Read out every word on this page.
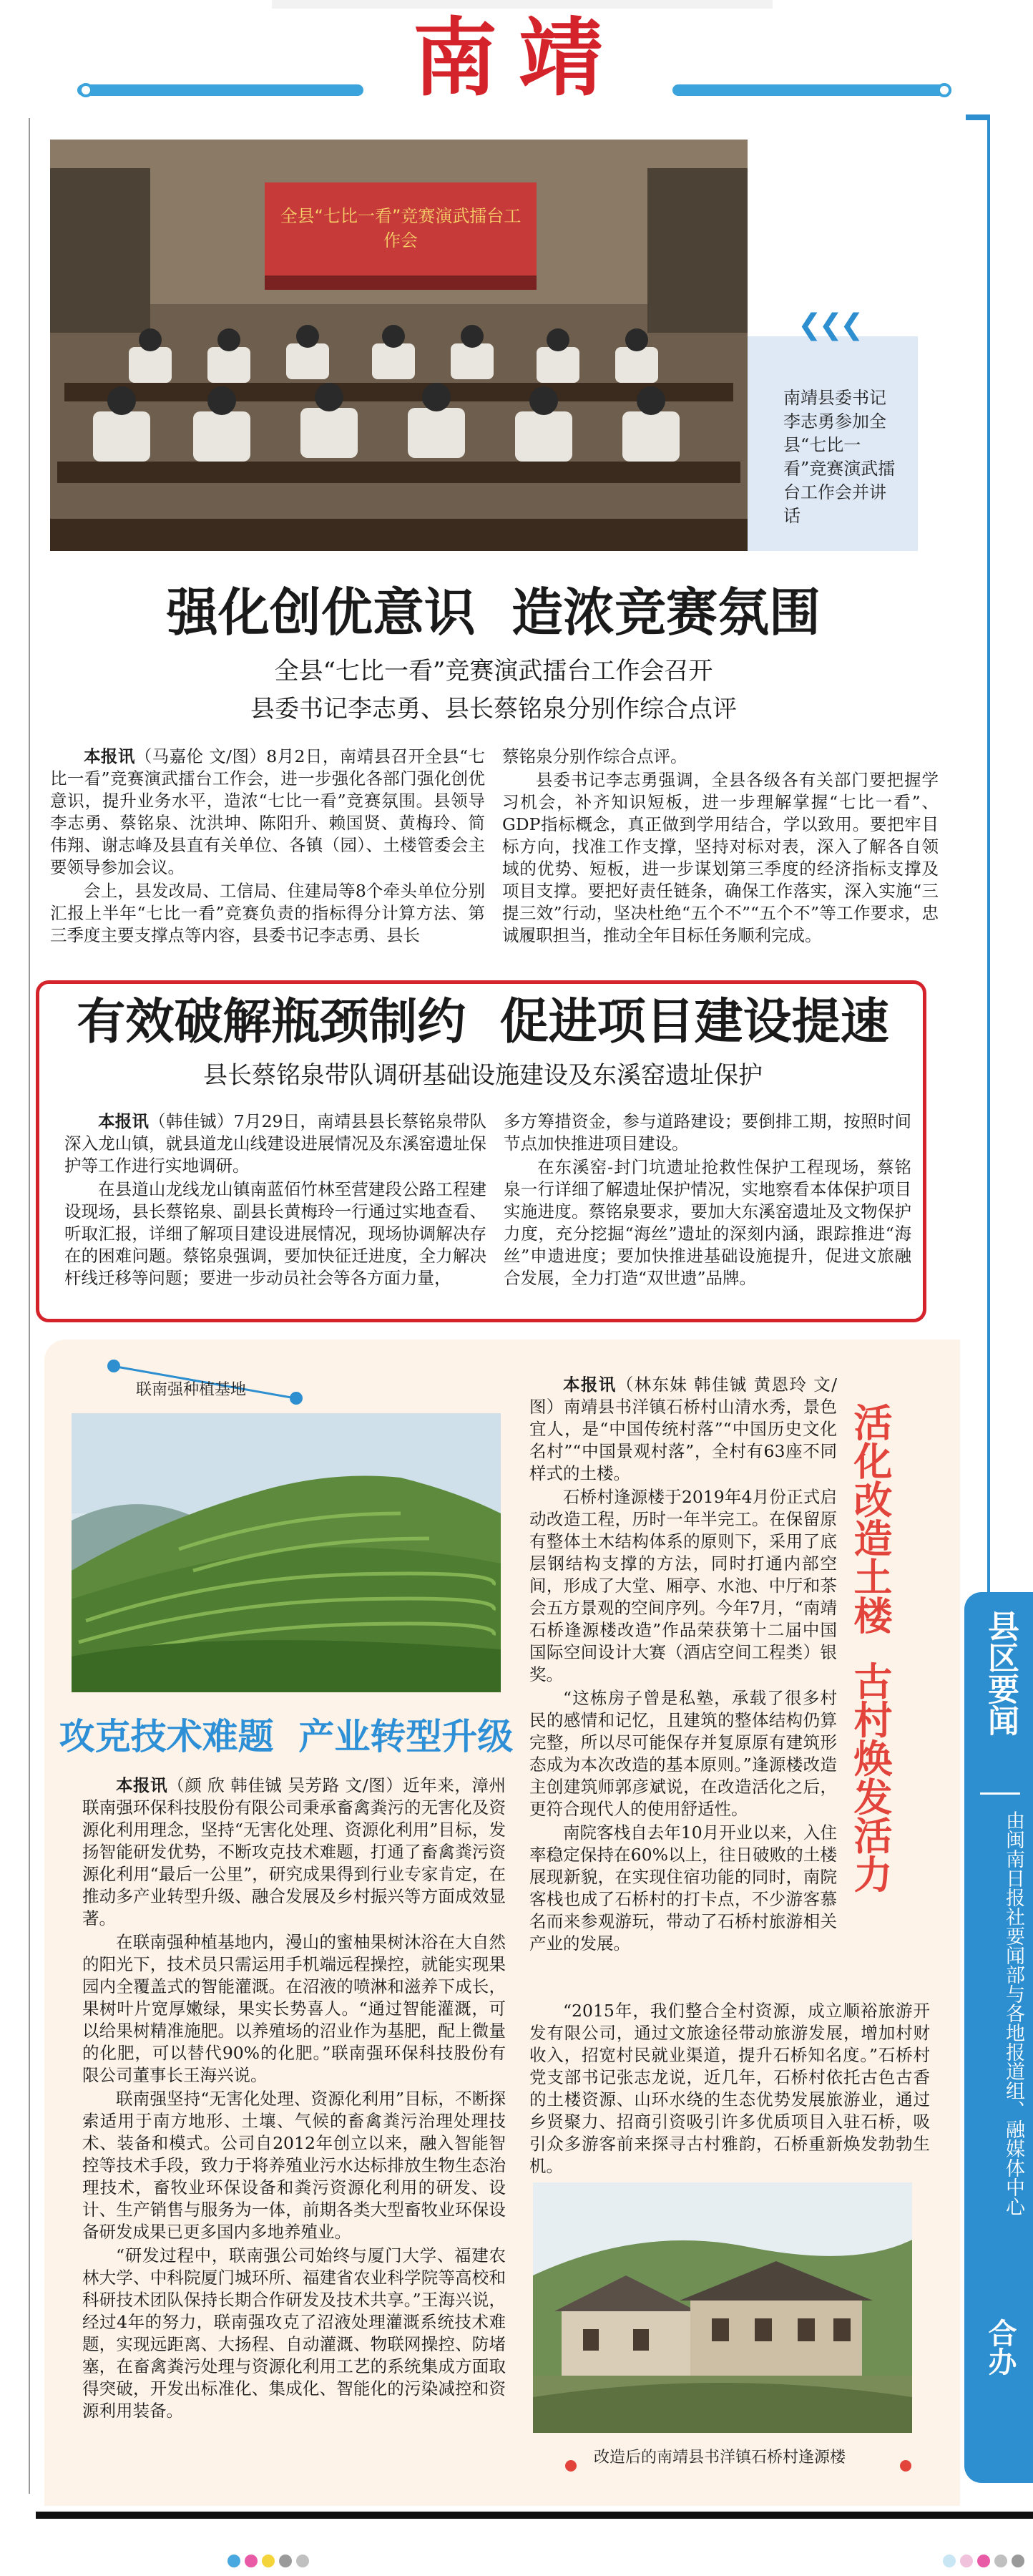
南靖
全县“七比一看”竞赛演武擂台工作会
❮❮❮
南靖县委书记李志勇参加全县“七比一看”竞赛演武擂台工作会并讲话
强化创优意识  造浓竞赛氛围
全县“七比一看”竞赛演武擂台工作会召开
县委书记李志勇、县长蔡铭泉分别作综合点评

本报讯（马嘉伦 文/图）8月2日，南靖县召开全县“七比一看”竞赛演武擂台工作会，进一步强化各部门强化创优意识，提升业务水平，造浓“七比一看”竞赛氛围。县领导李志勇、蔡铭泉、沈洪坤、陈阳升、赖国贤、黄梅玲、简伟翔、谢志峰及县直有关单位、各镇（园）、土楼管委会主要领导参加会议。

会上，县发改局、工信局、住建局等8个牵头单位分别汇报上半年“七比一看”竞赛负责的指标得分计算方法、第三季度主要支撑点等内容，县委书记李志勇、县长

蔡铭泉分别作综合点评。

县委书记李志勇强调，全县各级各有关部门要把握学习机会，补齐知识短板，进一步理解掌握“七比一看”、GDP指标概念，真正做到学用结合，学以致用。要把牢目标方向，找准工作支撑，坚持对标对表，深入了解各自领域的优势、短板，进一步谋划第三季度的经济指标支撑及项目支撑。要把好责任链条，确保工作落实，深入实施“三提三效”行动，坚决杜绝“五个不”“五个不”等工作要求，忠诚履职担当，推动全年目标任务顺利完成。

有效破解瓶颈制约  促进项目建设提速
县长蔡铭泉带队调研基础设施建设及东溪窑遗址保护

本报讯（韩佳铖）7月29日，南靖县县长蔡铭泉带队深入龙山镇，就县道龙山线建设进展情况及东溪窑遗址保护等工作进行实地调研。

在县道山龙线龙山镇南蓝佰竹林至营建段公路工程建设现场，县长蔡铭泉、副县长黄梅玲一行通过实地查看、听取汇报，详细了解项目建设进展情况，现场协调解决存在的困难问题。蔡铭泉强调，要加快征迁进度，全力解决杆线迁移等问题；要进一步动员社会等各方面力量，

多方筹措资金，参与道路建设；要倒排工期，按照时间节点加快推进项目建设。

在东溪窑-封门坑遗址抢救性保护工程现场，蔡铭泉一行详细了解遗址保护情况，实地察看本体保护项目实施进度。蔡铭泉要求，要加大东溪窑遗址及文物保护力度，充分挖掘“海丝”遗址的深刻内涵，跟踪推进“海丝”申遗进度；要加快推进基础设施提升，促进文旅融合发展，全力打造“双世遗”品牌。

联南强种植基地
攻克技术难题  产业转型升级

本报讯（颜 欣 韩佳铖 吴芳路 文/图）近年来，漳州联南强环保科技股份有限公司秉承畜禽粪污的无害化及资源化利用理念，坚持“无害化处理、资源化利用”目标，发扬智能研发优势，不断攻克技术难题，打通了畜禽粪污资源化利用“最后一公里”，研究成果得到行业专家肯定，在推动多产业转型升级、融合发展及乡村振兴等方面成效显著。

在联南强种植基地内，漫山的蜜柚果树沐浴在大自然的阳光下，技术员只需运用手机端远程操控，就能实现果园内全覆盖式的智能灌溉。在沼液的喷淋和滋养下成长，果树叶片宽厚嫩绿，果实长势喜人。“通过智能灌溉，可以给果树精准施肥。以养殖场的沼业作为基肥，配上微量的化肥，可以替代90%的化肥。”联南强环保科技股份有限公司董事长王海兴说。

联南强坚持“无害化处理、资源化利用”目标，不断探索适用于南方地形、土壤、气候的畜禽粪污治理处理技术、装备和模式。公司自2012年创立以来，融入智能智控等技术手段，致力于将养殖业污水达标排放生物生态治理技术，畜牧业环保设备和粪污资源化利用的研发、设计、生产销售与服务为一体，前期各类大型畜牧业环保设备研发成果已更多国内多地养殖业。

“研发过程中，联南强公司始终与厦门大学、福建农林大学、中科院厦门城环所、福建省农业科学院等高校和科研技术团队保持长期合作研发及技术共享。”王海兴说，经过4年的努力，联南强攻克了沼液处理灌溉系统技术难题，实现远距离、大扬程、自动灌溉、物联网操控、防堵塞，在畜禽粪污处理与资源化利用工艺的系统集成方面取得突破，开发出标准化、集成化、智能化的污染减控和资源利用装备。

本报讯（林东妹 韩佳铖 黄恩玲 文/图）南靖县书洋镇石桥村山清水秀，景色宜人，是“中国传统村落”“中国历史文化名村”“中国景观村落”，全村有63座不同样式的土楼。

石桥村逢源楼于2019年4月份正式启动改造工程，历时一年半完工。在保留原有整体土木结构体系的原则下，采用了底层钢结构支撑的方法，同时打通内部空间，形成了大堂、厢亭、水池、中厅和茶会五方景观的空间序列。今年7月，“南靖石桥逢源楼改造”作品荣获第十二届中国国际空间设计大赛（酒店空间工程类）银奖。

“这栋房子曾是私塾，承载了很多村民的感情和记忆，且建筑的整体结构仍算完整，所以尽可能保存并复原原有建筑形态成为本次改造的基本原则。”逢源楼改造主创建筑师郭彦斌说，在改造活化之后，更符合现代人的使用舒适性。

南院客栈自去年10月开业以来，入住率稳定保持在60%以上，往日破败的土楼展现新貌，在实现住宿功能的同时，南院客栈也成了石桥村的打卡点，不少游客慕名而来参观游玩，带动了石桥村旅游相关产业的发展。

“2015年，我们整合全村资源，成立顺裕旅游开发有限公司，通过文旅途径带动旅游发展，增加村财收入，招宽村民就业渠道，提升石桥知名度。”石桥村党支部书记张志龙说，近几年，石桥村依托古色古香的土楼资源、山环水绕的生态优势发展旅游业，通过乡贤聚力、招商引资吸引许多优质项目入驻石桥，吸引众多游客前来探寻古村雅韵，石桥重新焕发勃勃生机。

活化改造土楼  古村焕发活力
改造后的南靖县书洋镇石桥村逢源楼
县区要闻
由闽南日报社要闻部与各地报道组、融媒体中心
合办
